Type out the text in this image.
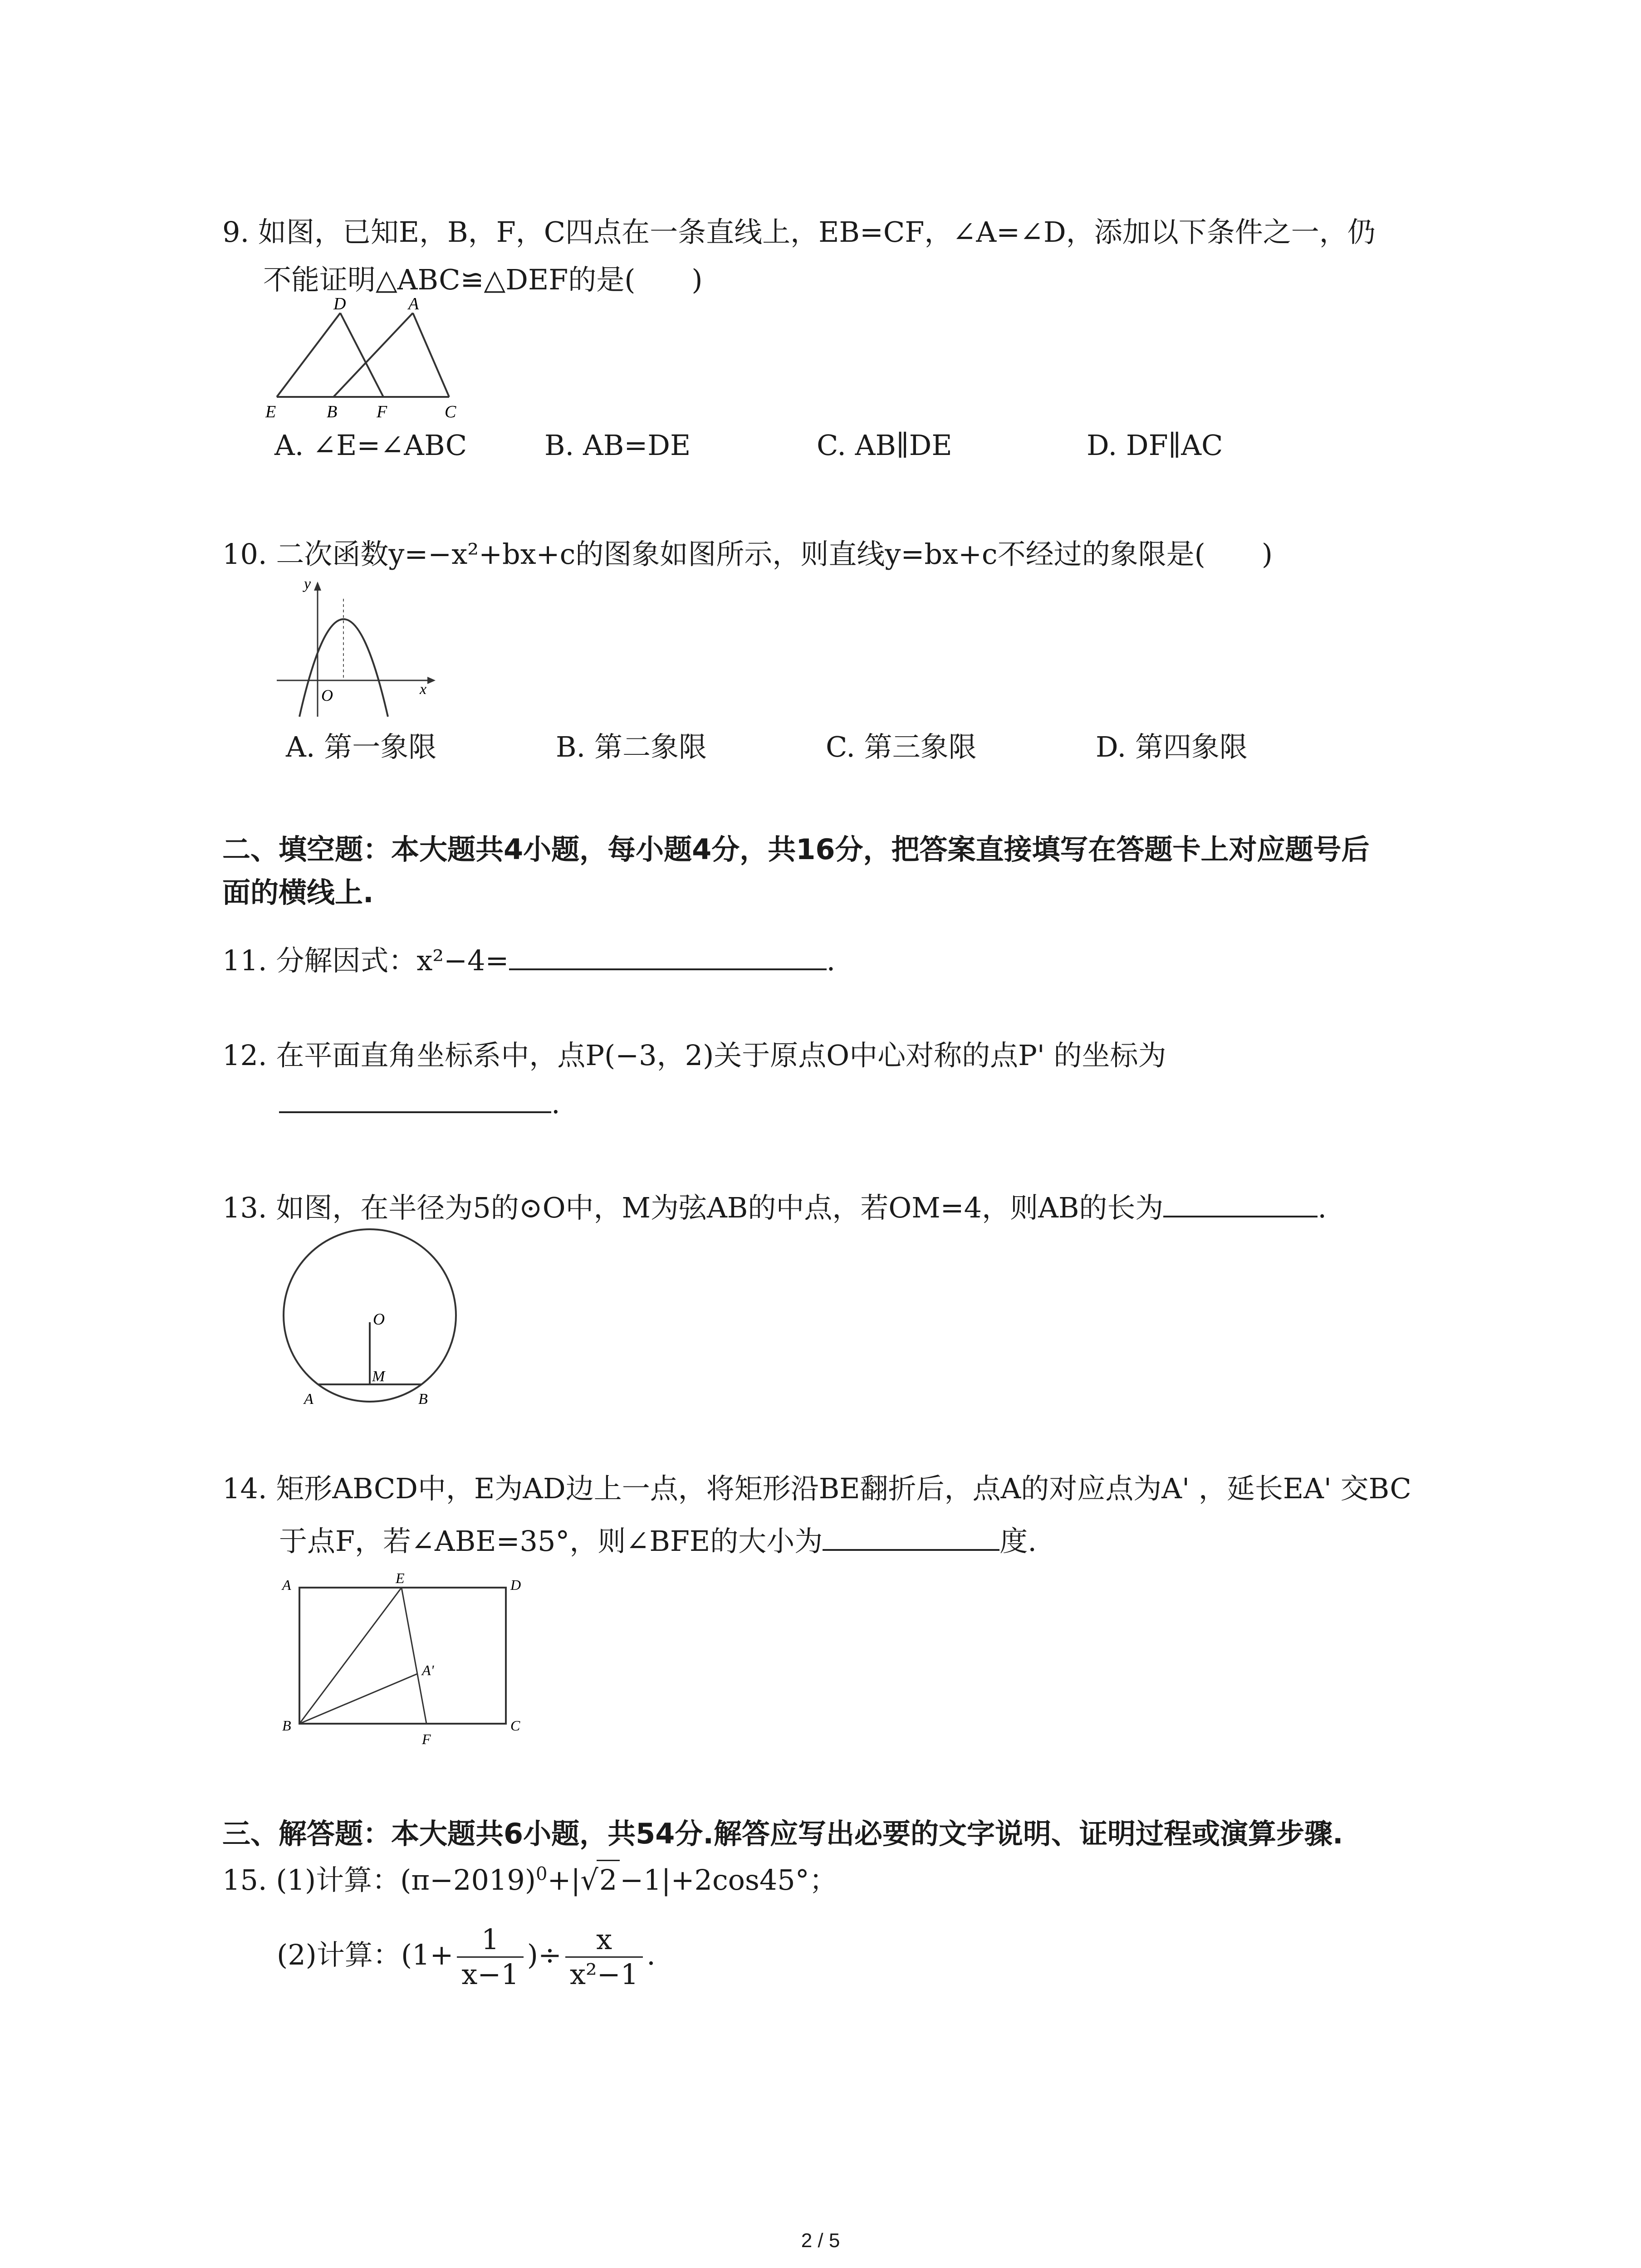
9. 如图，已知E，B，F，C四点在一条直线上，EB=CF，∠A=∠D，添加以下条件之一，仍
不能证明△ABC≌△DEF的是(　　)
D	A
E	B F	C
A. ∠E=∠ABC	B. AB=DE	C. AB∥DE	D. DF∥AC
10. 二次函数y=−x²+bx+c的图象如图所示，则直线y=bx+c不经过的象限是(　　)
y
x
O
A. 第一象限	B. 第二象限	C. 第三象限	D. 第四象限
二、填空题：本大题共4小题，每小题4分，共16分，把答案直接填写在答题卡上对应题号后
面的横线上.
11. 分解因式：x²−4=	.
12. 在平面直角坐标系中，点P(−3，2)关于原点O中心对称的点P' 的坐标为
.
13. 如图，在半径为5的⊙O中，M为弦AB的中点，若OM=4，则AB的长为	.
O
M
A	B
14. 矩形ABCD中，E为AD边上一点，将矩形沿BE翻折后，点A的对应点为A' ，延长EA' 交BC
于点F，若∠ABE=35°，则∠BFE的大小为	度.
A	E	D
A'
B
F
C
三、解答题：本大题共6小题，共54分.解答应写出必要的文字说明、证明过程或演算步骤.
15. (1)计算：$(\pi-2019)^0+|√2-1|+2\cos 45^\circ$；
(2)计算：($1+ \frac{1}{x-1}$ )÷ $\frac{x}{\text{x²−1}}$ .
2 / 5
